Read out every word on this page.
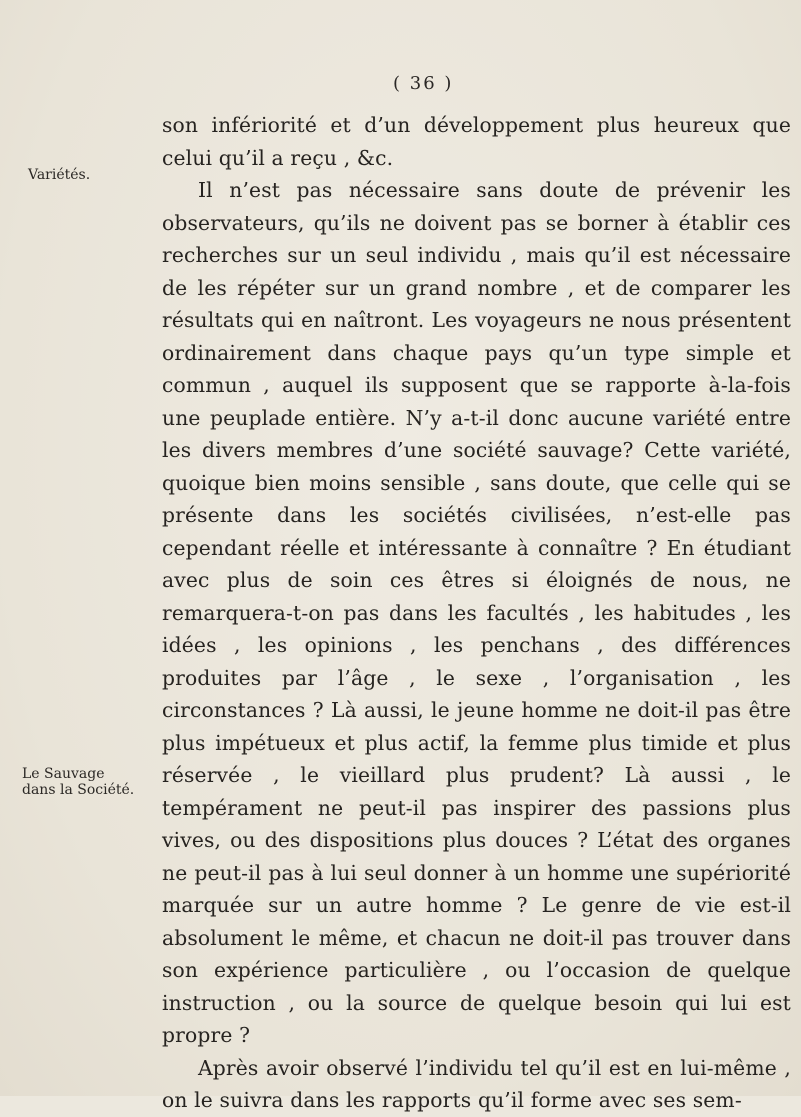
( 36 )
Variétés.
Le Sauvage dans la Société.

son infériorité et d’un développement plus heureux que celui qu’il a reçu , &c.

Il n’est pas nécessaire sans doute de prévenir les observateurs, qu’ils ne doivent pas se borner à établir ces recherches sur un seul individu , mais qu’il est nécessaire de les répéter sur un grand nombre , et de comparer les résultats qui en naîtront. Les voyageurs ne nous présentent ordinairement dans chaque pays qu’un type simple et commun , auquel ils supposent que se rapporte à-la-fois une peuplade entière. N’y a-t-il donc aucune variété entre les divers membres d’une société sauvage? Cette variété, quoique bien moins sensible , sans doute, que celle qui se présente dans les sociétés civilisées, n’est-elle pas cependant réelle et intéressante à connaître ? En étudiant avec plus de soin ces êtres si éloignés de nous, ne remarquera-t-on pas dans les facultés , les habitudes , les idées , les opinions , les penchans , des différences produites par l’âge , le sexe , l’organisation , les circonstances ? Là aussi, le jeune homme ne doit-il pas être plus impétueux et plus actif, la femme plus timide et plus réservée , le vieillard plus prudent? Là aussi , le tempérament ne peut-il pas inspirer des passions plus vives, ou des dispositions plus douces ? L’état des organes ne peut-il pas à lui seul donner à un homme une supériorité marquée sur un autre homme ? Le genre de vie est-il absolument le même, et chacun ne doit-il pas trouver dans son expérience particulière , ou l’occasion de quelque instruction , ou la source de quelque besoin qui lui est propre ?

Après avoir observé l’individu tel qu’il est en lui-même , on le suivra dans les rapports qu’il forme avec ses sem-
